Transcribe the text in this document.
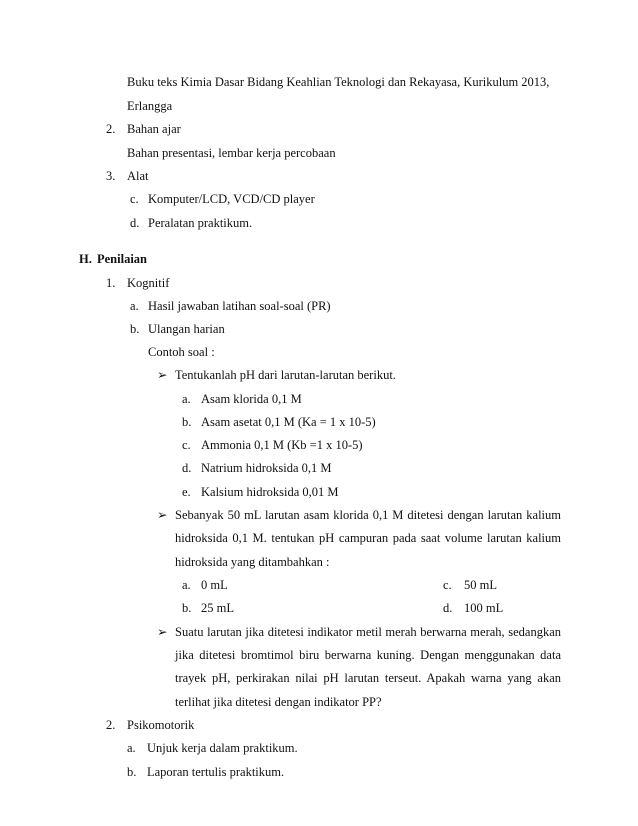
Buku teks Kimia Dasar Bidang Keahlian Teknologi dan Rekayasa, Kurikulum 2013,
Erlangga
2. Bahan ajar
Bahan presentasi, lembar kerja percobaan
3. Alat
c. Komputer/LCD, VCD/CD player
d. Peralatan praktikum.
H. Penilaian
1. Kognitif
a. Hasil jawaban latihan soal-soal (PR)
b. Ulangan harian
Contoh soal :
➢ Tentukanlah pH dari larutan-larutan berikut.
a. Asam klorida 0,1 M
b. Asam asetat 0,1 M (Ka = 1 x 10-5)
c. Ammonia 0,1 M (Kb =1 x 10-5)
d. Natrium hidroksida 0,1 M
e. Kalsium hidroksida 0,01 M
➢ Sebanyak 50 mL larutan asam klorida 0,1 M ditetesi dengan larutan kalium
hidroksida 0,1 M. tentukan pH campuran pada saat volume larutan kalium
hidroksida yang ditambahkan :
a. 0 mL	c. 50 mL
b. 25 mL	d. 100 mL
➢ Suatu larutan jika ditetesi indikator metil merah berwarna merah, sedangkan
jika ditetesi bromtimol biru berwarna kuning. Dengan menggunakan data
trayek pH, perkirakan nilai pH larutan terseut. Apakah warna yang akan
terlihat jika ditetesi dengan indikator PP?
2. Psikomotorik
a. Unjuk kerja dalam praktikum.
b. Laporan tertulis praktikum.
